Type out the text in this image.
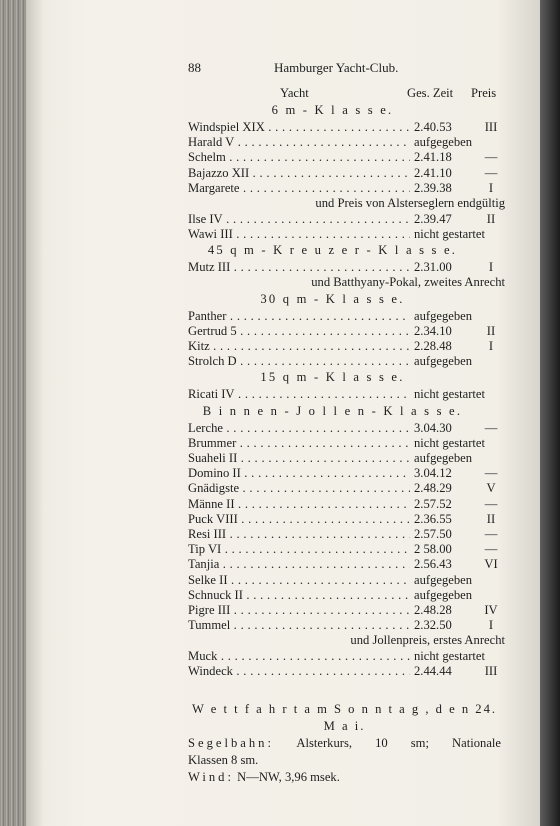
88	Hamburger Yacht-Club.
Yacht	Ges. Zeit Preis
6 m - K l a s s e.
Windspiel XIX . . .	2.40.53	III
Harald V . . .	aufgegeben
Schelm . . .	2.41.18	—
Bajazzo XII . . .	2.41.10	—
Margarete . . .	2.39.38	I
und Preis von Alsterseglern endgültig
Ilse IV . . .	2.39.47	II
Wawi III . . .	nicht gestartet
45 q m - K r e u z e r - K l a s s e.
Mutz III . . .	2.31.00	I
und Batthyany-Pokal, zweites Anrecht
30 q m - K l a s s e.
Panther . . .	aufgegeben
Gertrud 5 . . .	2.34.10	II
Kitz . . .	2.28.48	I
Strolch D . . .	aufgegeben
15 q m - K l a s s e.
Ricati IV . . .	nicht gestartet
B i n n e n - J o l l e n - K l a s s e.
Lerche . . .	3.04.30	—
Brummer . . .	nicht gestartet
Suaheli II . . .	aufgegeben
Domino II . . .	3.04.12	—
Gnädigste . . .	2.48.29	V
Männe II . . .	2.57.52	—
Puck VIII . . .	2.36.55	II
Resi III . . .	2.57.50	—
Tip VI . . .	2 58.00	—
Tanjia . . .	2.56.43	VI
Selke II . . .	aufgegeben
Schnuck II . . .	aufgegeben
Pigre III . . .	2.48.28	IV
Tummel . . .	2.32.50	I
und Jollenpreis, erstes Anrecht
Muck . . .	nicht gestartet
Windeck . . .	2.44.44	III
W e t t f a h r t a m S o n n t a g , d e n 24. M a i.
Segelbahn: Alsterkurs, 10 sm; Nationale
Klassen 8 sm.
Wind: N—NW, 3,96 msek.
